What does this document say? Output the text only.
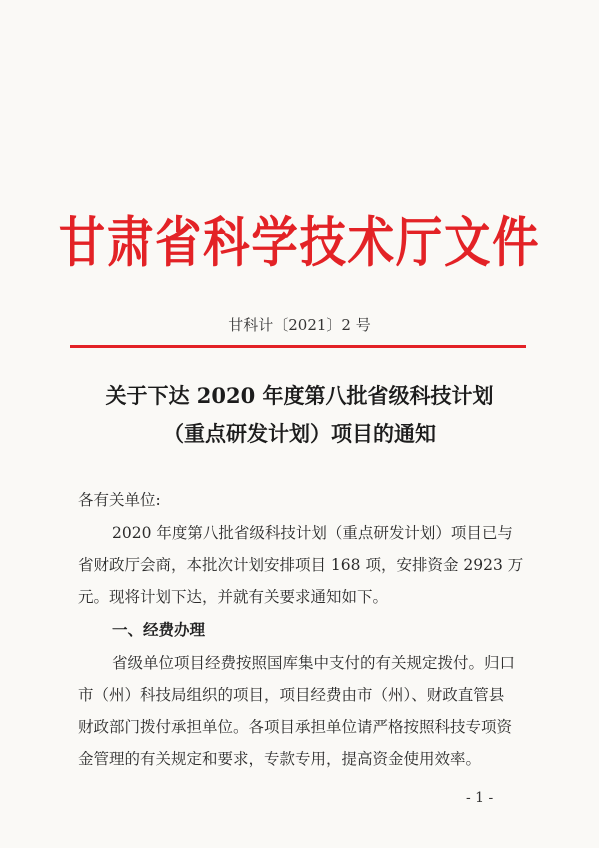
甘肃省科学技术厅文件
甘科计〔2021〕2 号
关于下达 2020 年度第八批省级科技计划
（重点研发计划）项目的通知
各有关单位:
2020 年度第八批省级科技计划（重点研发计划）项目已与
省财政厅会商，本批次计划安排项目 168 项，安排资金 2923 万
元。现将计划下达，并就有关要求通知如下。
一、经费办理
省级单位项目经费按照国库集中支付的有关规定拨付。归口
市（州）科技局组织的项目，项目经费由市（州）、财政直管县
财政部门拨付承担单位。各项目承担单位请严格按照科技专项资
金管理的有关规定和要求，专款专用，提高资金使用效率。
- 1 -
